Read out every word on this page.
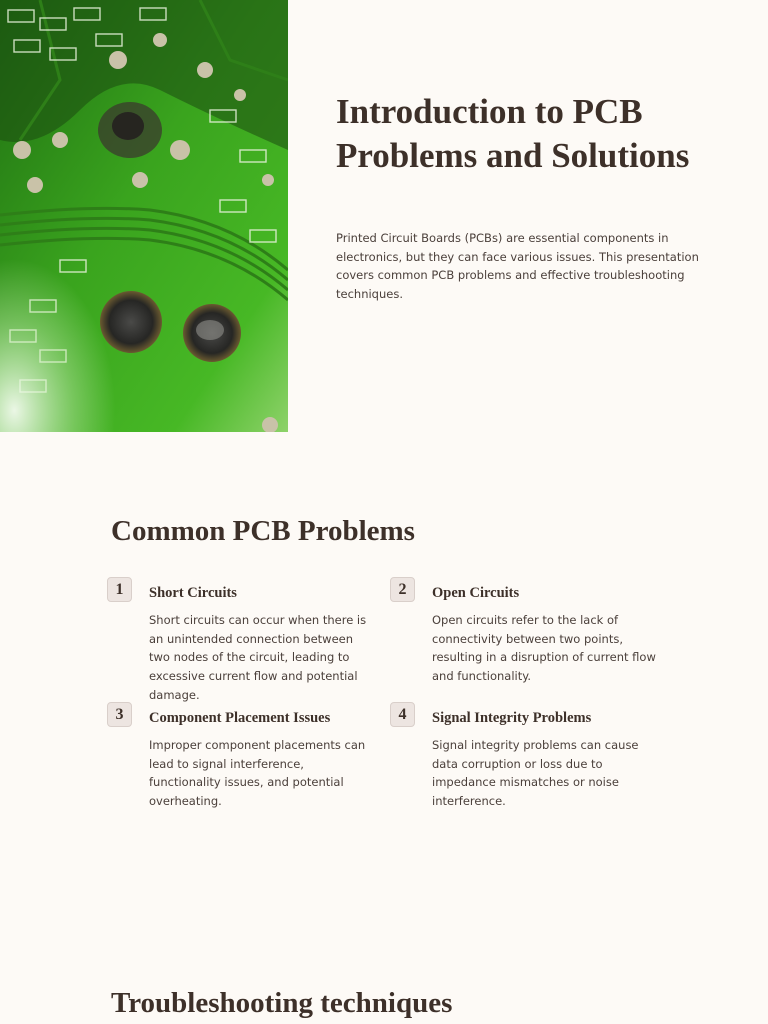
Introduction to PCB Problems and Solutions

Printed Circuit Boards (PCBs) are essential components in electronics, but they can face various issues. This presentation covers common PCB problems and effective troubleshooting techniques.

Common PCB Problems
1	Short Circuits

Short circuits can occur when there is an unintended connection between two nodes of the circuit, leading to excessive current flow and potential damage.

2	Open Circuits

Open circuits refer to the lack of connectivity between two points, resulting in a disruption of current flow and functionality.

3	Component Placement Issues

Improper component placements can lead to signal interference, functionality issues, and potential overheating.

4	Signal Integrity Problems

Signal integrity problems can cause data corruption or loss due to impedance mismatches or noise interference.

Troubleshooting techniques
